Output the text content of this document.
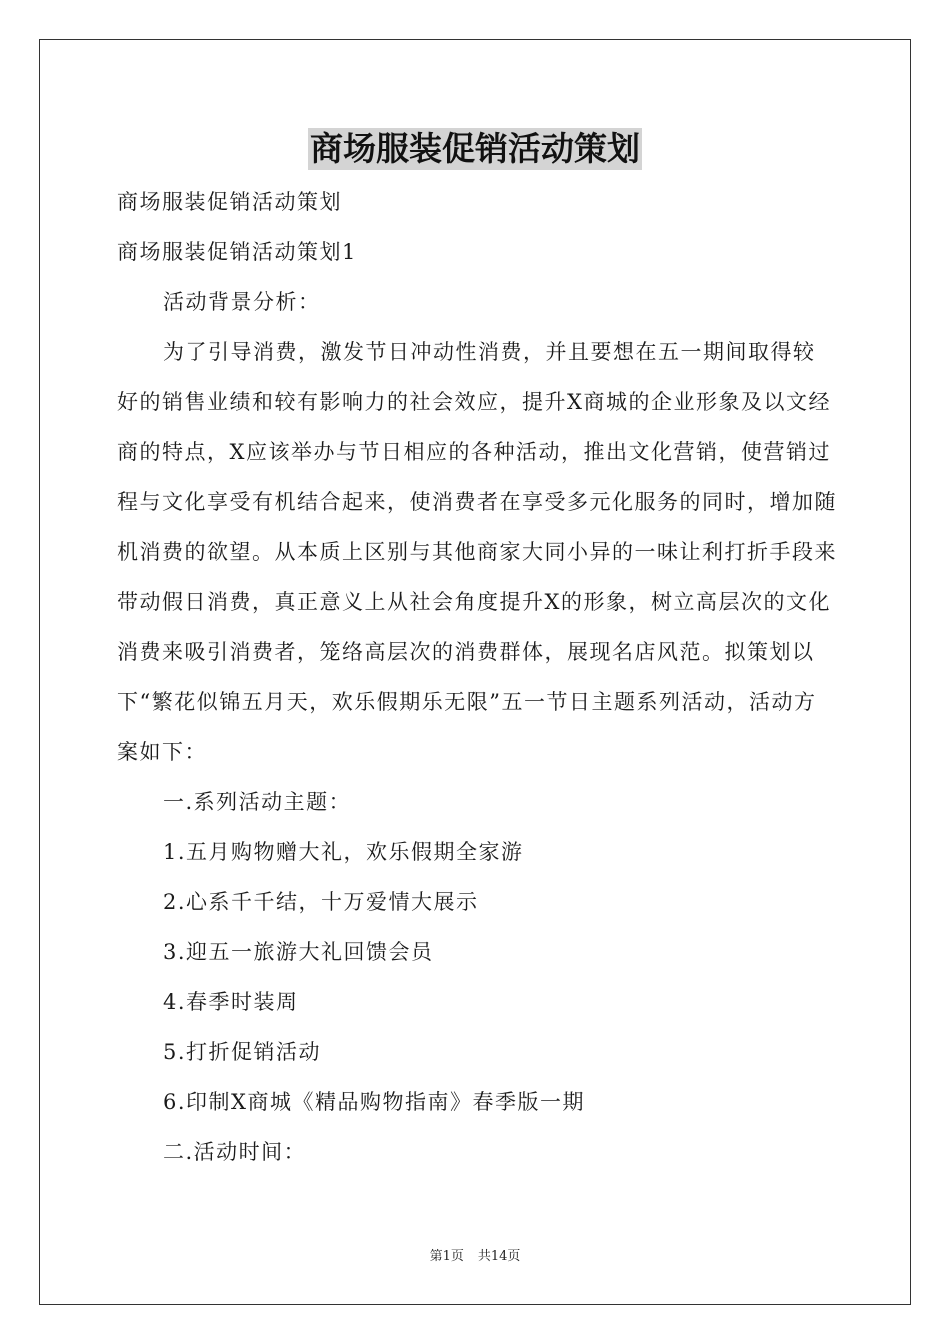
商场服装促销活动策划

商场服装促销活动策划

商场服装促销活动策划1

活动背景分析：

为了引导消费，激发节日冲动性消费，并且要想在五一期间取得较好的销售业绩和较有影响力的社会效应，提升X商城的企业形象及以文经商的特点，X应该举办与节日相应的各种活动，推出文化营销，使营销过程与文化享受有机结合起来，使消费者在享受多元化服务的同时，增加随机消费的欲望。从本质上区别与其他商家大同小异的一味让利打折手段来带动假日消费，真正意义上从社会角度提升X的形象，树立高层次的文化消费来吸引消费者，笼络高层次的消费群体，展现名店风范。拟策划以下“繁花似锦五月天，欢乐假期乐无限”五一节日主题系列活动，活动方案如下：

一.系列活动主题：

1.五月购物赠大礼，欢乐假期全家游

2.心系千千结，十万爱情大展示

3.迎五一旅游大礼回馈会员

4.春季时装周

5.打折促销活动

6.印制X商城《精品购物指南》春季版一期

二.活动时间：

第1页 共14页
